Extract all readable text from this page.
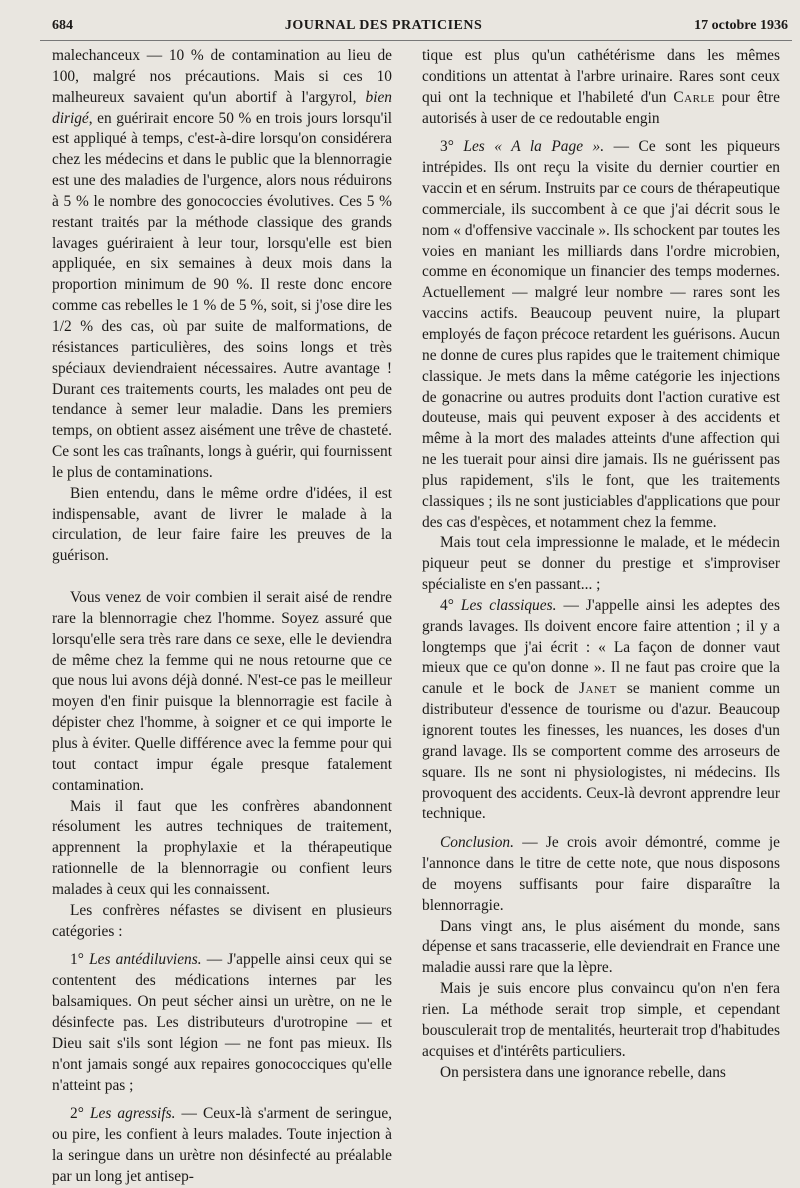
684	JOURNAL DES PRATICIENS	17 octobre 1936

malechanceux — 10 % de contamination au lieu de 100, malgré nos précautions. Mais si ces 10 malheureux savaient qu'un abortif à l'argyrol, bien dirigé, en guérirait encore 50 % en trois jours lorsqu'il est appliqué à temps, c'est-à-dire lorsqu'on considérera chez les médecins et dans le public que la blennorragie est une des maladies de l'urgence, alors nous réduirons à 5 % le nombre des gonococcies évolutives. Ces 5 % restant traités par la méthode classique des grands lavages guériraient à leur tour, lorsqu'elle est bien appliquée, en six semaines à deux mois dans la proportion minimum de 90 %. Il reste donc encore comme cas rebelles le 1 % de 5 %, soit, si j'ose dire les 1/2 % des cas, où par suite de malformations, de résistances particulières, des soins longs et très spéciaux deviendraient nécessaires. Autre avantage ! Durant ces traitements courts, les malades ont peu de tendance à semer leur maladie. Dans les premiers temps, on obtient assez aisément une trêve de chasteté. Ce sont les cas traînants, longs à guérir, qui fournissent le plus de contaminations.

Bien entendu, dans le même ordre d'idées, il est indispensable, avant de livrer le malade à la circulation, de leur faire faire les preuves de la guérison.

Vous venez de voir combien il serait aisé de rendre rare la blennorragie chez l'homme. Soyez assuré que lorsqu'elle sera très rare dans ce sexe, elle le deviendra de même chez la femme qui ne nous retourne que ce que nous lui avons déjà donné. N'est-ce pas le meilleur moyen d'en finir puisque la blennorragie est facile à dépister chez l'homme, à soigner et ce qui importe le plus à éviter. Quelle différence avec la femme pour qui tout contact impur égale presque fatalement contamination.

Mais il faut que les confrères abandonnent résolument les autres techniques de traitement, apprennent la prophylaxie et la thérapeutique rationnelle de la blennorragie ou confient leurs malades à ceux qui les connaissent.

Les confrères néfastes se divisent en plusieurs catégories :

1° Les antédiluviens. — J'appelle ainsi ceux qui se contentent des médications internes par les balsamiques. On peut sécher ainsi un urètre, on ne le désinfecte pas. Les distributeurs d'urotropine — et Dieu sait s'ils sont légion — ne font pas mieux. Ils n'ont jamais songé aux repaires gonococciques qu'elle n'atteint pas ;

2° Les agressifs. — Ceux-là s'arment de seringue, ou pire, les confient à leurs malades. Toute injection à la seringue dans un urètre non désinfecté au préalable par un long jet antisep-

tique est plus qu'un cathétérisme dans les mêmes conditions un attentat à l'arbre urinaire. Rares sont ceux qui ont la technique et l'habileté d'un Carle pour être autorisés à user de ce redoutable engin

3° Les « A la Page ». — Ce sont les piqueurs intrépides. Ils ont reçu la visite du dernier courtier en vaccin et en sérum. Instruits par ce cours de thérapeutique commerciale, ils succombent à ce que j'ai décrit sous le nom « d'offensive vaccinale ». Ils schockent par toutes les voies en maniant les milliards dans l'ordre microbien, comme en économique un financier des temps modernes. Actuellement — malgré leur nombre — rares sont les vaccins actifs. Beaucoup peuvent nuire, la plupart employés de façon précoce retardent les guérisons. Aucun ne donne de cures plus rapides que le traitement chimique classique. Je mets dans la même catégorie les injections de gonacrine ou autres produits dont l'action curative est douteuse, mais qui peuvent exposer à des accidents et même à la mort des malades atteints d'une affection qui ne les tuerait pour ainsi dire jamais. Ils ne guérissent pas plus rapidement, s'ils le font, que les traitements classiques ; ils ne sont justiciables d'applications que pour des cas d'espèces, et notamment chez la femme.

Mais tout cela impressionne le malade, et le médecin piqueur peut se donner du prestige et s'improviser spécialiste en s'en passant... ;

4° Les classiques. — J'appelle ainsi les adeptes des grands lavages. Ils doivent encore faire attention ; il y a longtemps que j'ai écrit : « La façon de donner vaut mieux que ce qu'on donne ». Il ne faut pas croire que la canule et le bock de Janet se manient comme un distributeur d'essence de tourisme ou d'azur. Beaucoup ignorent toutes les finesses, les nuances, les doses d'un grand lavage. Ils se comportent comme des arroseurs de square. Ils ne sont ni physiologistes, ni médecins. Ils provoquent des accidents. Ceux-là devront apprendre leur technique.

Conclusion. — Je crois avoir démontré, comme je l'annonce dans le titre de cette note, que nous disposons de moyens suffisants pour faire disparaître la blennorragie.

Dans vingt ans, le plus aisément du monde, sans dépense et sans tracasserie, elle deviendrait en France une maladie aussi rare que la lèpre.

Mais je suis encore plus convaincu qu'on n'en fera rien. La méthode serait trop simple, et cependant bousculerait trop de mentalités, heurterait trop d'habitudes acquises et d'intérêts particuliers.

On persistera dans une ignorance rebelle, dans
